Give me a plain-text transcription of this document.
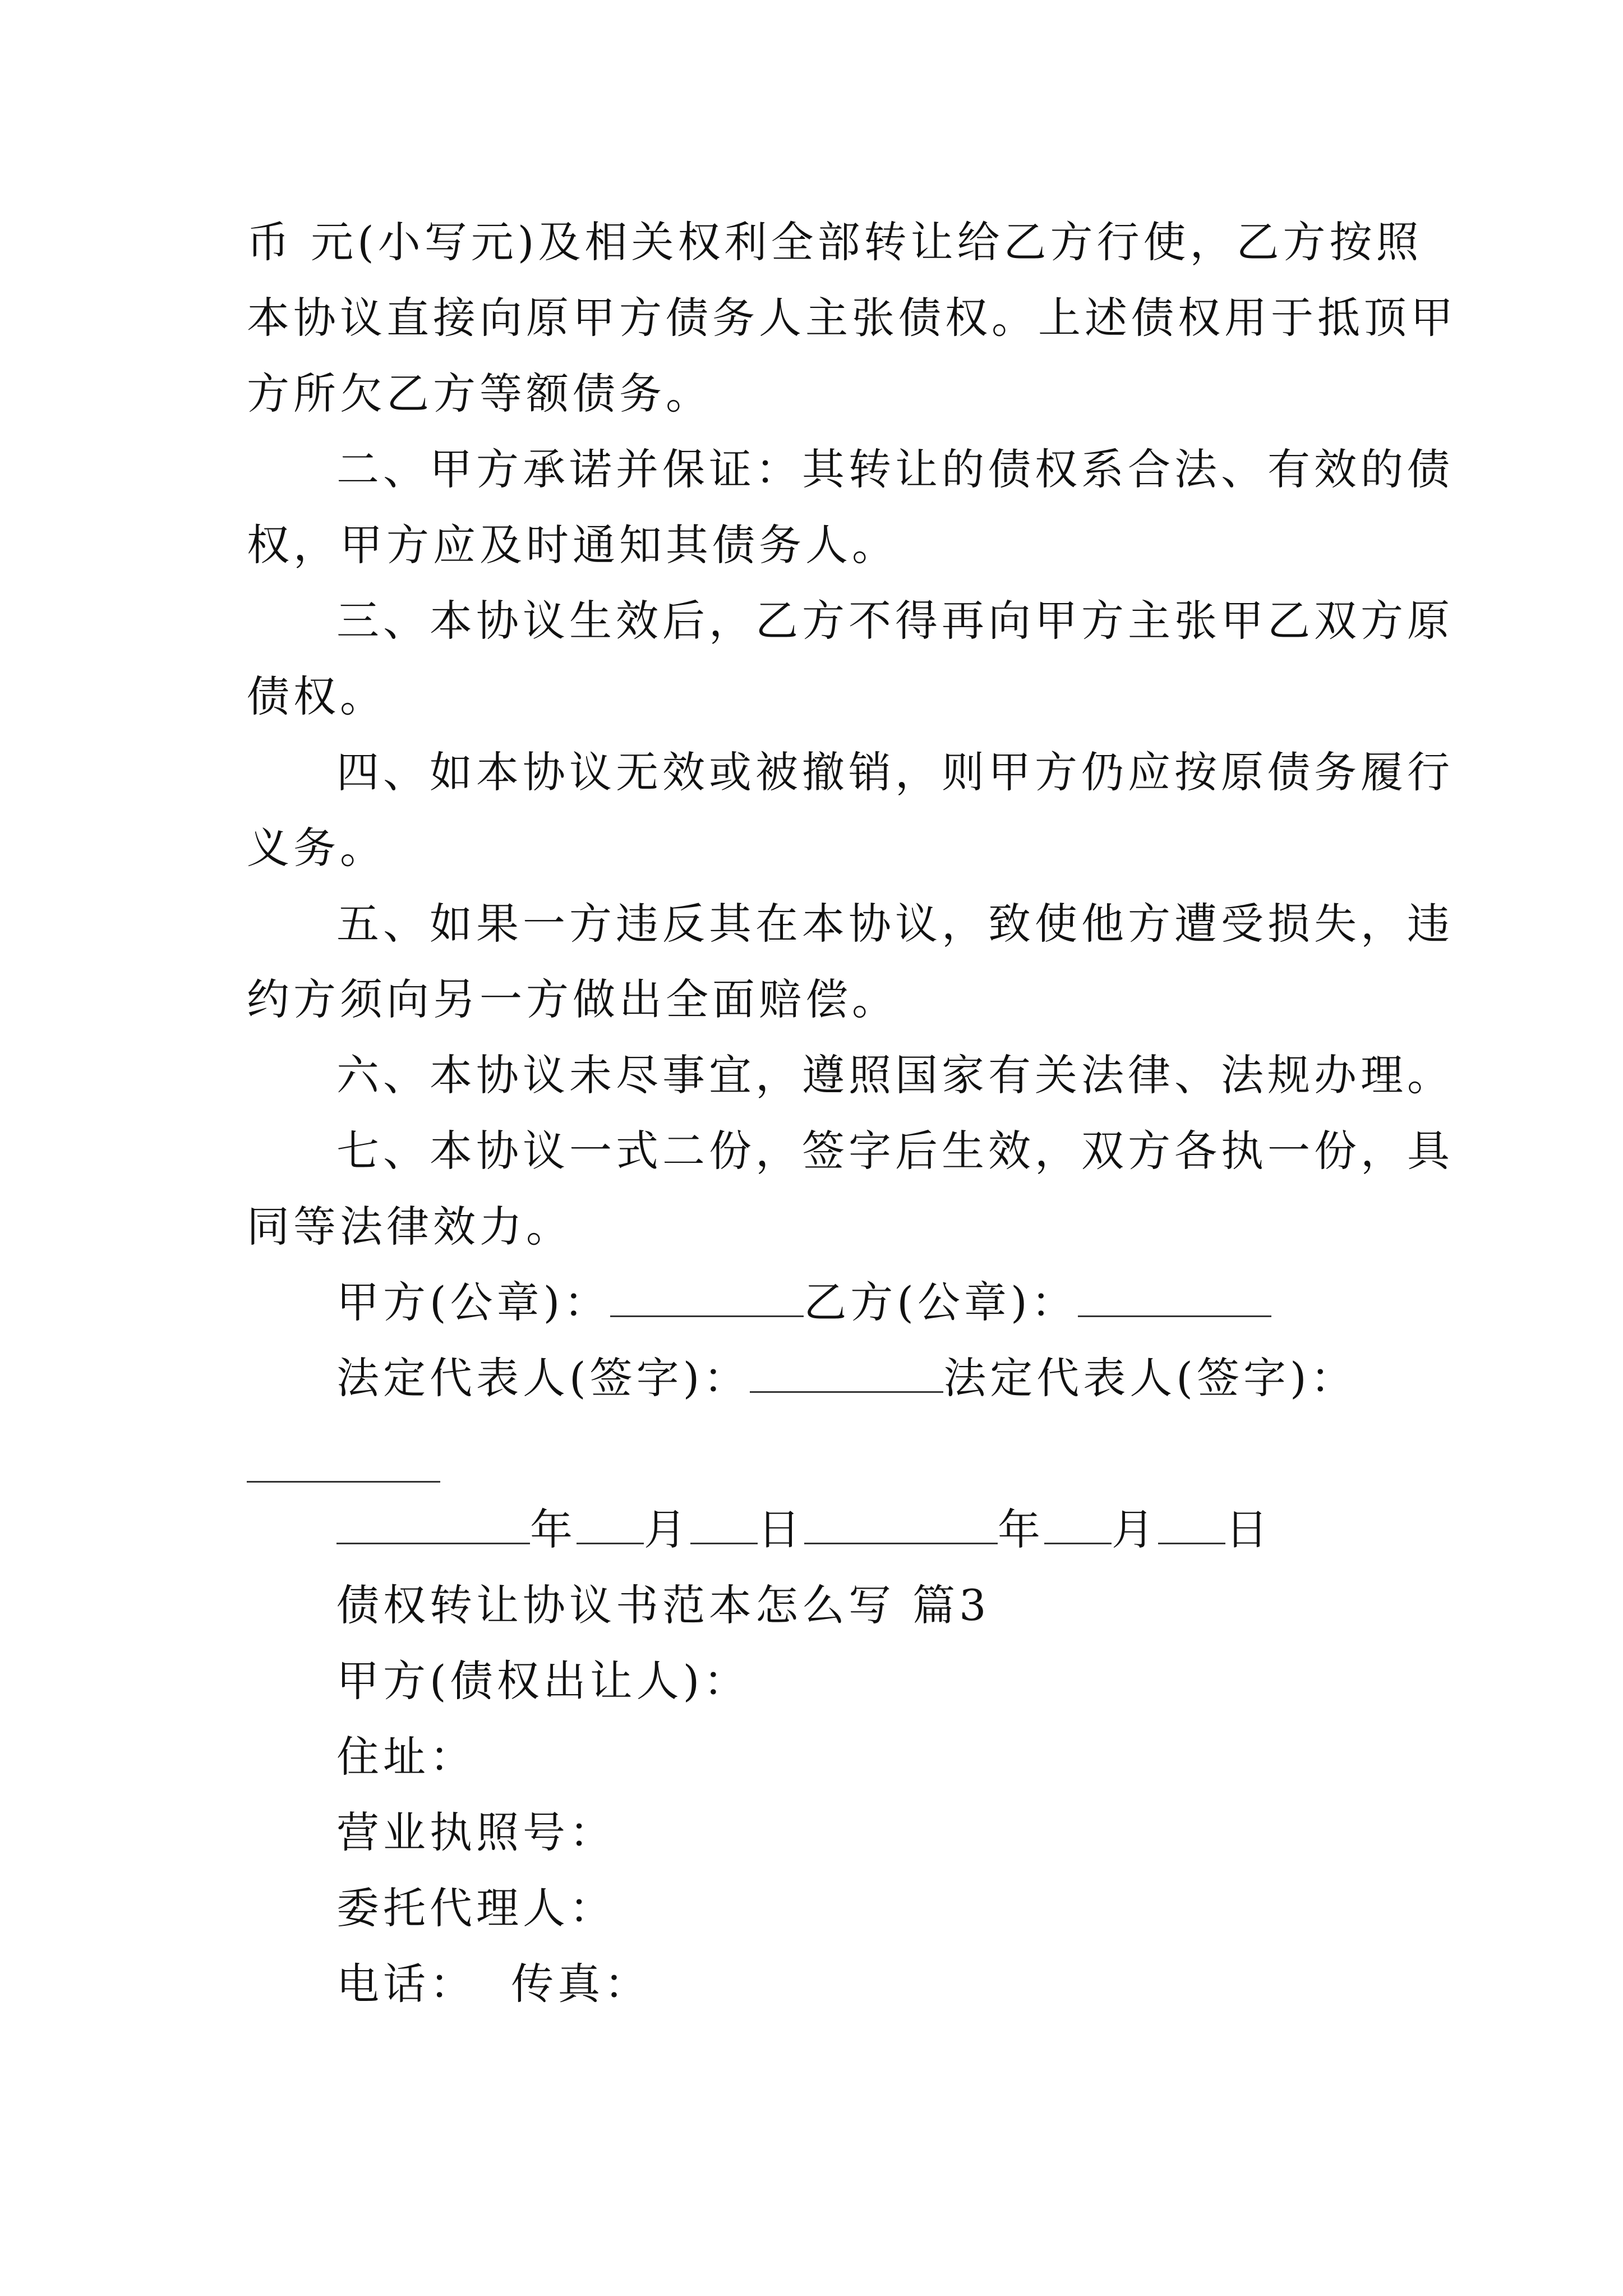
币 元(小写元)及相关权利全部转让给乙方行使，乙方按照
本协议直接向原甲方债务人主张债权。上述债权用于抵顶甲
方所欠乙方等额债务。
二、甲方承诺并保证：其转让的债权系合法、有效的债
权，甲方应及时通知其债务人。
三、本协议生效后，乙方不得再向甲方主张甲乙双方原
债权。
四、如本协议无效或被撤销，则甲方仍应按原债务履行
义务。
五、如果一方违反其在本协议，致使他方遭受损失，违
约方须向另一方做出全面赔偿。
六、本协议未尽事宜，遵照国家有关法律、法规办理。
七、本协议一式二份，签字后生效，双方各执一份，具
同等法律效力。
甲方(公章)：	乙方(公章)：
法定代表人(签字)：	法定代表人(签字)：
年 月 日	年 月 日
债权转让协议书范本怎么写 篇3
甲方(债权出让人)：
住址：
营业执照号：
委托代理人：
电话： 传真：
